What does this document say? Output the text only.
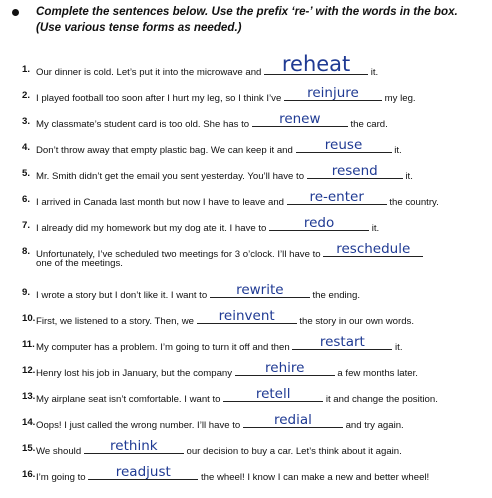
Complete the sentences below. Use the prefix ‘re-’ with the words in the box.
(Use various tense forms as needed.)
1. Our dinner is cold. Let’s put it into the microwave and reheat	it.
2. I played football too soon after I hurt my leg, so I think I’ve	reinjure	my leg.
3. My classmate’s student card is too old. She has to	renew	the card.
4. Don’t throw away that empty plastic bag. We can keep it and	reuse	it.
5. Mr. Smith didn’t get the email you sent yesterday. You’ll have to	resend	it.
6. I arrived in Canada last month but now I have to leave and	re-enter	the country.
7. I already did my homework but my dog ate it. I have to	redo	it.
8. Unfortunately, I’ve scheduled two meetings for 3 o’clock. I’ll have to	reschedule
one of the meetings.
9. I wrote a story but I don’t like it. I want to	rewrite	the ending.
10. First, we listened to a story. Then, we	reinvent	the story in our own words.
11. My computer has a problem. I’m going to turn it off and then	restart	it.
12. Henry lost his job in January, but the company	rehire	a few months later.
13. My airplane seat isn’t comfortable. I want to	retell	it and change the position.
14. Oops! I just called the wrong number. I’ll have to	redial	and try again.
15. We should	rethink	our decision to buy a car. Let’s think about it again.
16. I’m going to	readjust	the wheel! I know I can make a new and better wheel!
